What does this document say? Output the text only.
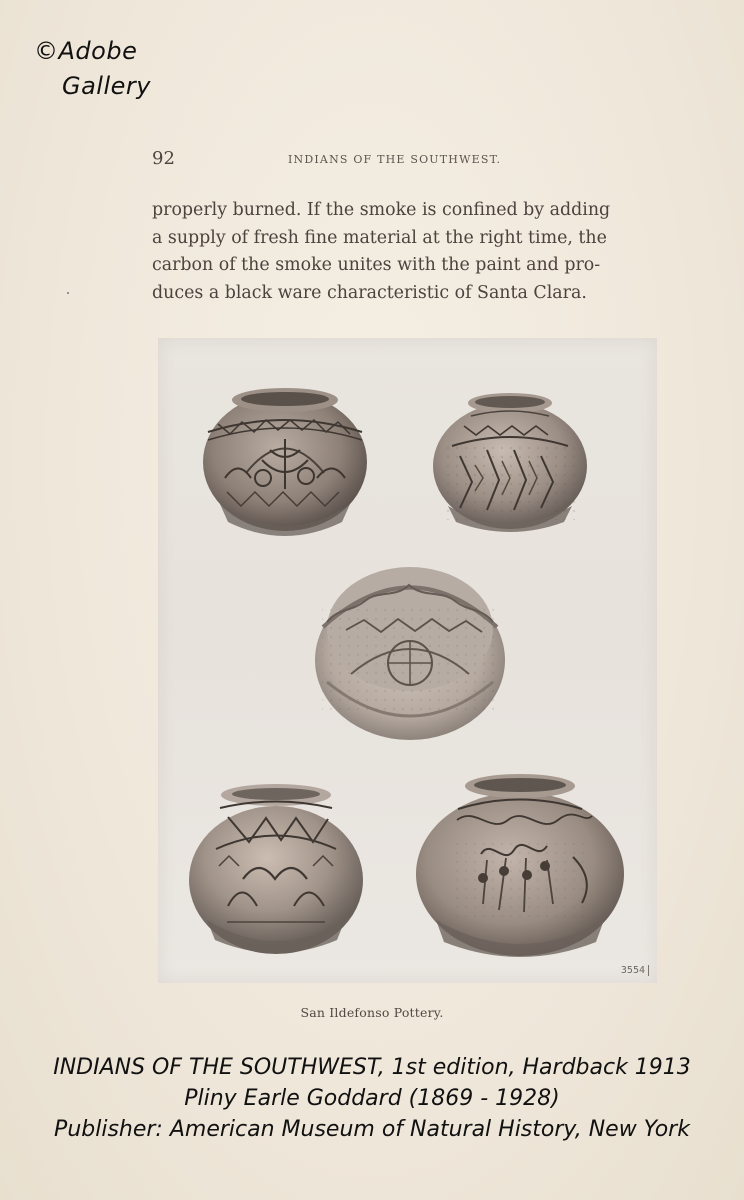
©Adobe
Gallery
92	INDIANS OF THE SOUTHWEST.
properly burned. If the smoke is confined by adding
a supply of fresh fine material at the right time, the
carbon of the smoke unites with the paint and pro-
duces a black ware characteristic of Santa Clara.
3554
San Ildefonso Pottery.
INDIANS OF THE SOUTHWEST, 1st edition, Hardback 1913
Pliny Earle Goddard (1869 - 1928)
Publisher: American Museum of Natural History, New York
